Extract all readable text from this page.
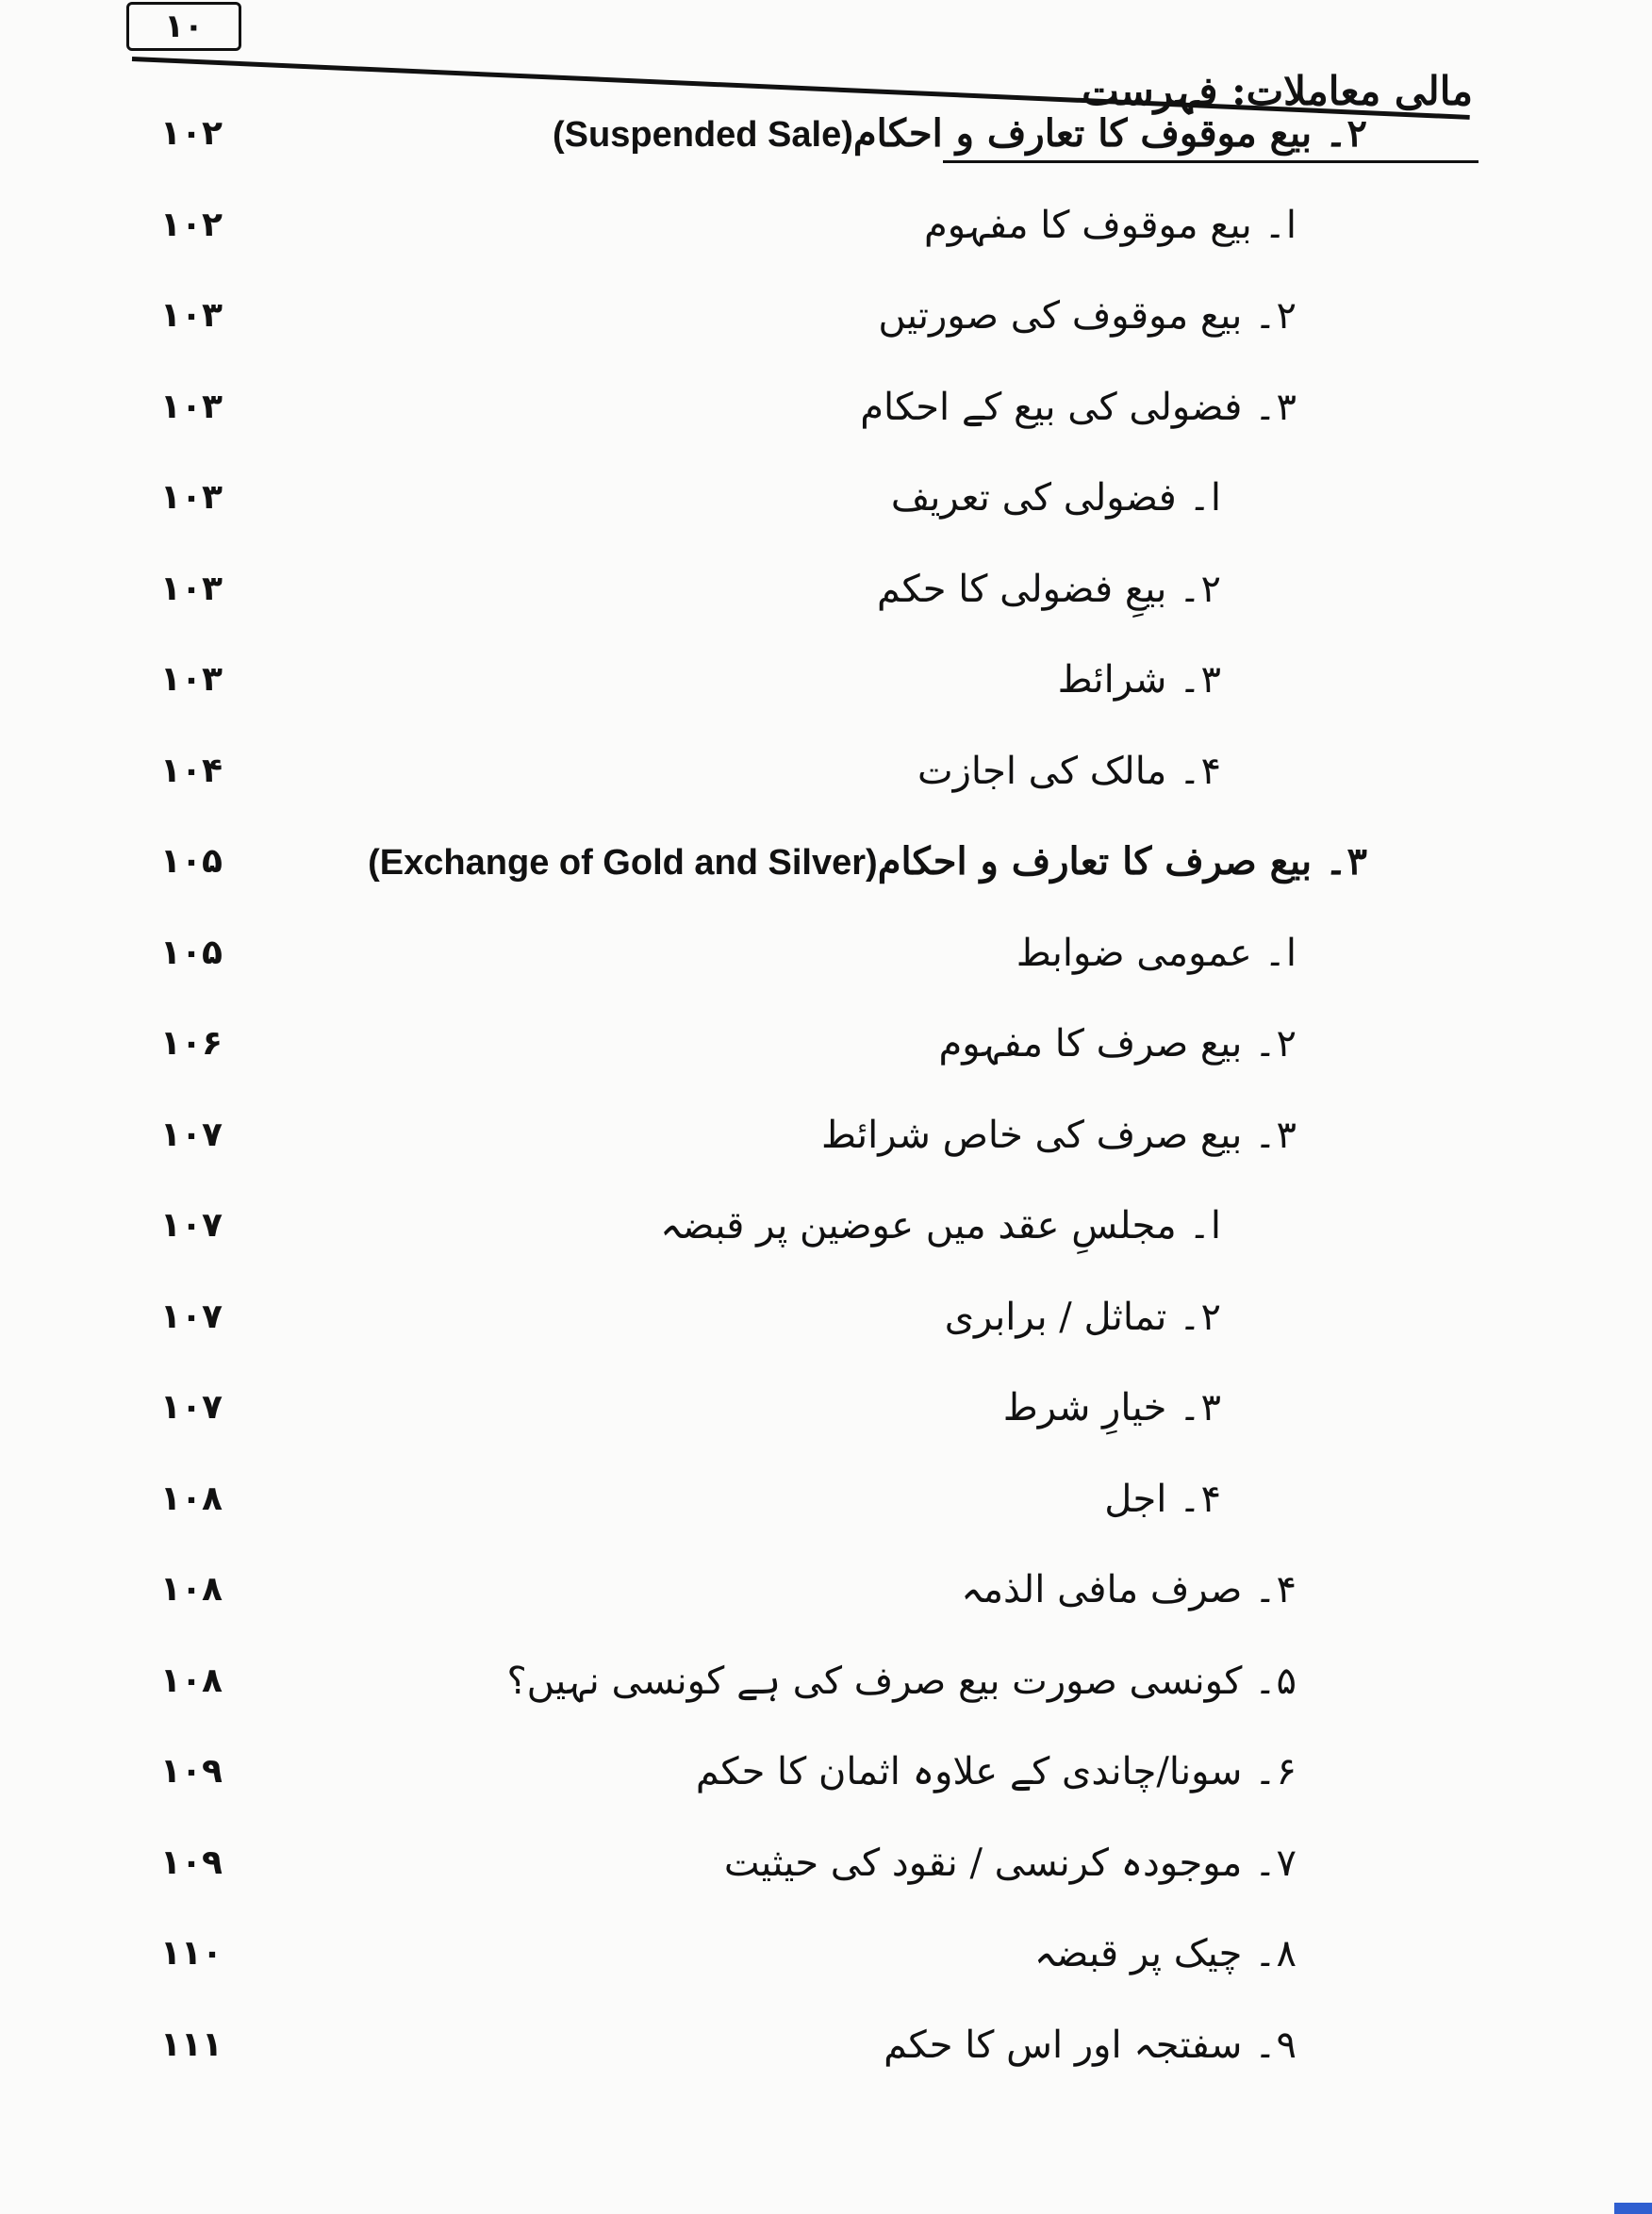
۱۰
مالی معاملات: فہرست
۱۰۲	۲۔ بیع موقوف کا تعارف و احکام(Suspended Sale)
۱۰۲	ا۔ بیع موقوف کا مفہوم
۱۰۳	۲۔ بیع موقوف کی صورتیں
۱۰۳	۳۔ فضولی کی بیع کے احکام
۱۰۳	ا۔ فضولی کی تعریف
۱۰۳	۲۔ بیعِ فضولی کا حکم
۱۰۳	۳۔ شرائط
۱۰۴	۴۔ مالک کی اجازت
۱۰۵	۳۔ بیع صرف کا تعارف و احکام(Exchange of Gold and Silver)
۱۰۵	ا۔ عمومی ضوابط
۱۰۶	۲۔ بیع صرف کا مفہوم
۱۰۷	۳۔ بیع صرف کی خاص شرائط
۱۰۷	ا۔ مجلسِ عقد میں عوضین پر قبضہ
۱۰۷	۲۔ تماثل / برابری
۱۰۷	۳۔ خیارِ شرط
۱۰۸	۴۔ اجل
۱۰۸	۴۔ صرف مافی الذمہ
۱۰۸	۵۔ کونسی صورت بیع صرف کی ہے کونسی نہیں؟
۱۰۹	۶۔ سونا/چاندی کے علاوہ اثمان کا حکم
۱۰۹	۷۔ موجودہ کرنسی / نقود کی حیثیت
۱۱۰	۸۔ چیک پر قبضہ
۱۱۱	۹۔ سفتجہ اور اس کا حکم
